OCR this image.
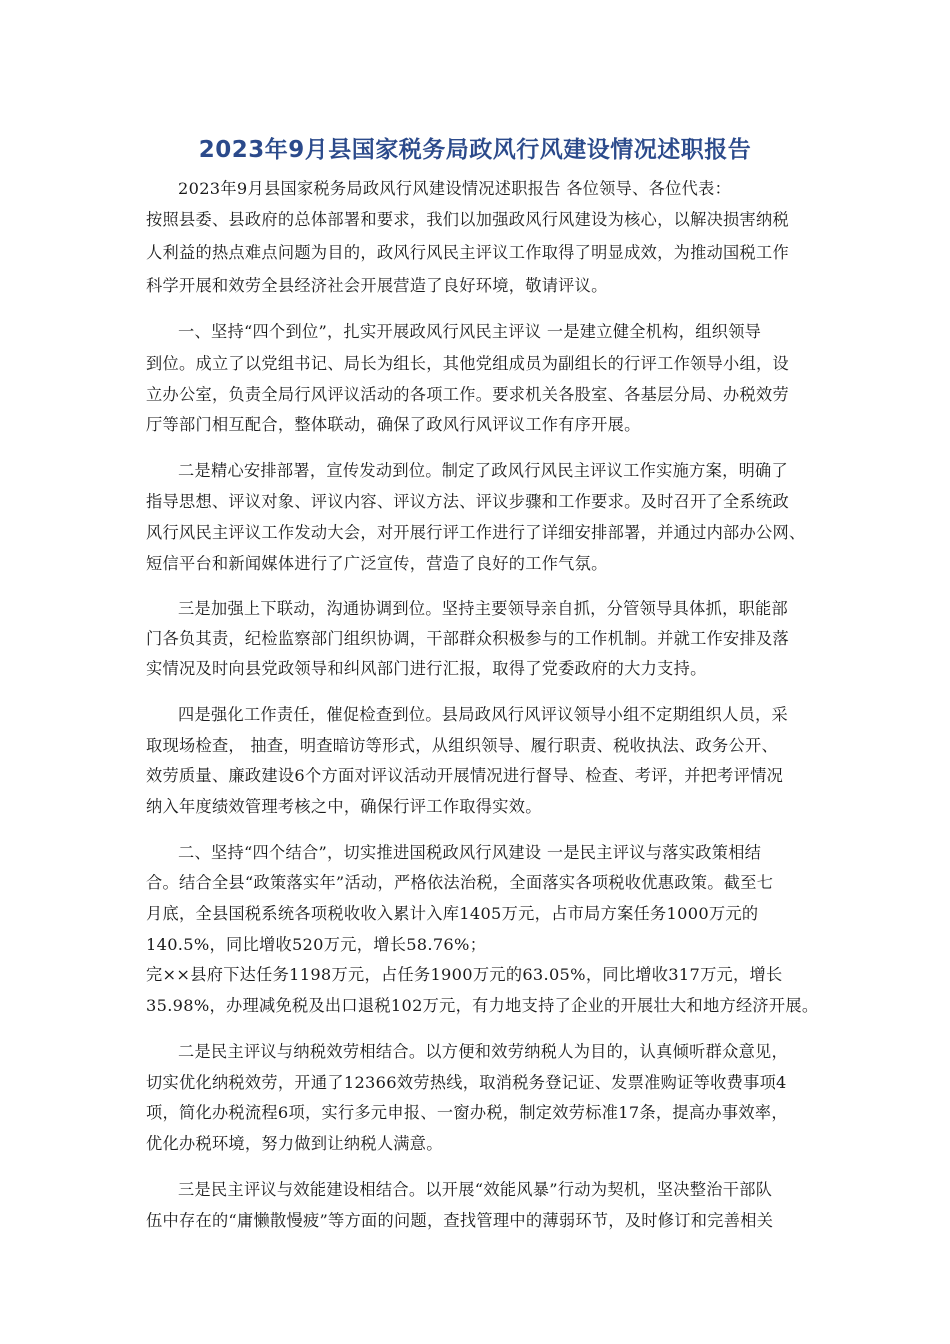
2023年9月县国家税务局政风行风建设情况述职报告
2023年9月县国家税务局政风行风建设情况述职报告 各位领导、各位代表：
按照县委、县政府的总体部署和要求，我们以加强政风行风建设为核心，以解决损害纳税
人利益的热点难点问题为目的，政风行风民主评议工作取得了明显成效，为推动国税工作
科学开展和效劳全县经济社会开展营造了良好环境，敬请评议。
一、坚持“四个到位”，扎实开展政风行风民主评议 一是建立健全机构，组织领导
到位。成立了以党组书记、局长为组长，其他党组成员为副组长的行评工作领导小组，设
立办公室，负责全局行风评议活动的各项工作。要求机关各股室、各基层分局、办税效劳
厅等部门相互配合，整体联动，确保了政风行风评议工作有序开展。
二是精心安排部署，宣传发动到位。制定了政风行风民主评议工作实施方案，明确了
指导思想、评议对象、评议内容、评议方法、评议步骤和工作要求。及时召开了全系统政
风行风民主评议工作发动大会，对开展行评工作进行了详细安排部署，并通过内部办公网、
短信平台和新闻媒体进行了广泛宣传，营造了良好的工作气氛。
三是加强上下联动，沟通协调到位。坚持主要领导亲自抓，分管领导具体抓，职能部
门各负其责，纪检监察部门组织协调，干部群众积极参与的工作机制。并就工作安排及落
实情况及时向县党政领导和纠风部门进行汇报，取得了党委政府的大力支持。
四是强化工作责任，催促检查到位。县局政风行风评议领导小组不定期组织人员，采
取现场检查， 抽查，明查暗访等形式，从组织领导、履行职责、税收执法、政务公开、
效劳质量、廉政建设6个方面对评议活动开展情况进行督导、检查、考评，并把考评情况
纳入年度绩效管理考核之中，确保行评工作取得实效。
二、坚持“四个结合”，切实推进国税政风行风建设 一是民主评议与落实政策相结
合。结合全县“政策落实年”活动，严格依法治税，全面落实各项税收优惠政策。截至七
月底，全县国税系统各项税收收入累计入库1405万元，占市局方案任务1000万元的
140.5%，同比增收520万元，增长58.76%；
完××县府下达任务1198万元，占任务1900万元的63.05%，同比增收317万元，增长
35.98%，办理减免税及出口退税102万元，有力地支持了企业的开展壮大和地方经济开展。
二是民主评议与纳税效劳相结合。以方便和效劳纳税人为目的，认真倾听群众意见，
切实优化纳税效劳，开通了12366效劳热线，取消税务登记证、发票准购证等收费事项4
项，简化办税流程6项，实行多元申报、一窗办税，制定效劳标准17条，提高办事效率，
优化办税环境，努力做到让纳税人满意。
三是民主评议与效能建设相结合。以开展“效能风暴”行动为契机，坚决整治干部队
伍中存在的“庸懒散慢疲”等方面的问题，查找管理中的薄弱环节，及时修订和完善相关
